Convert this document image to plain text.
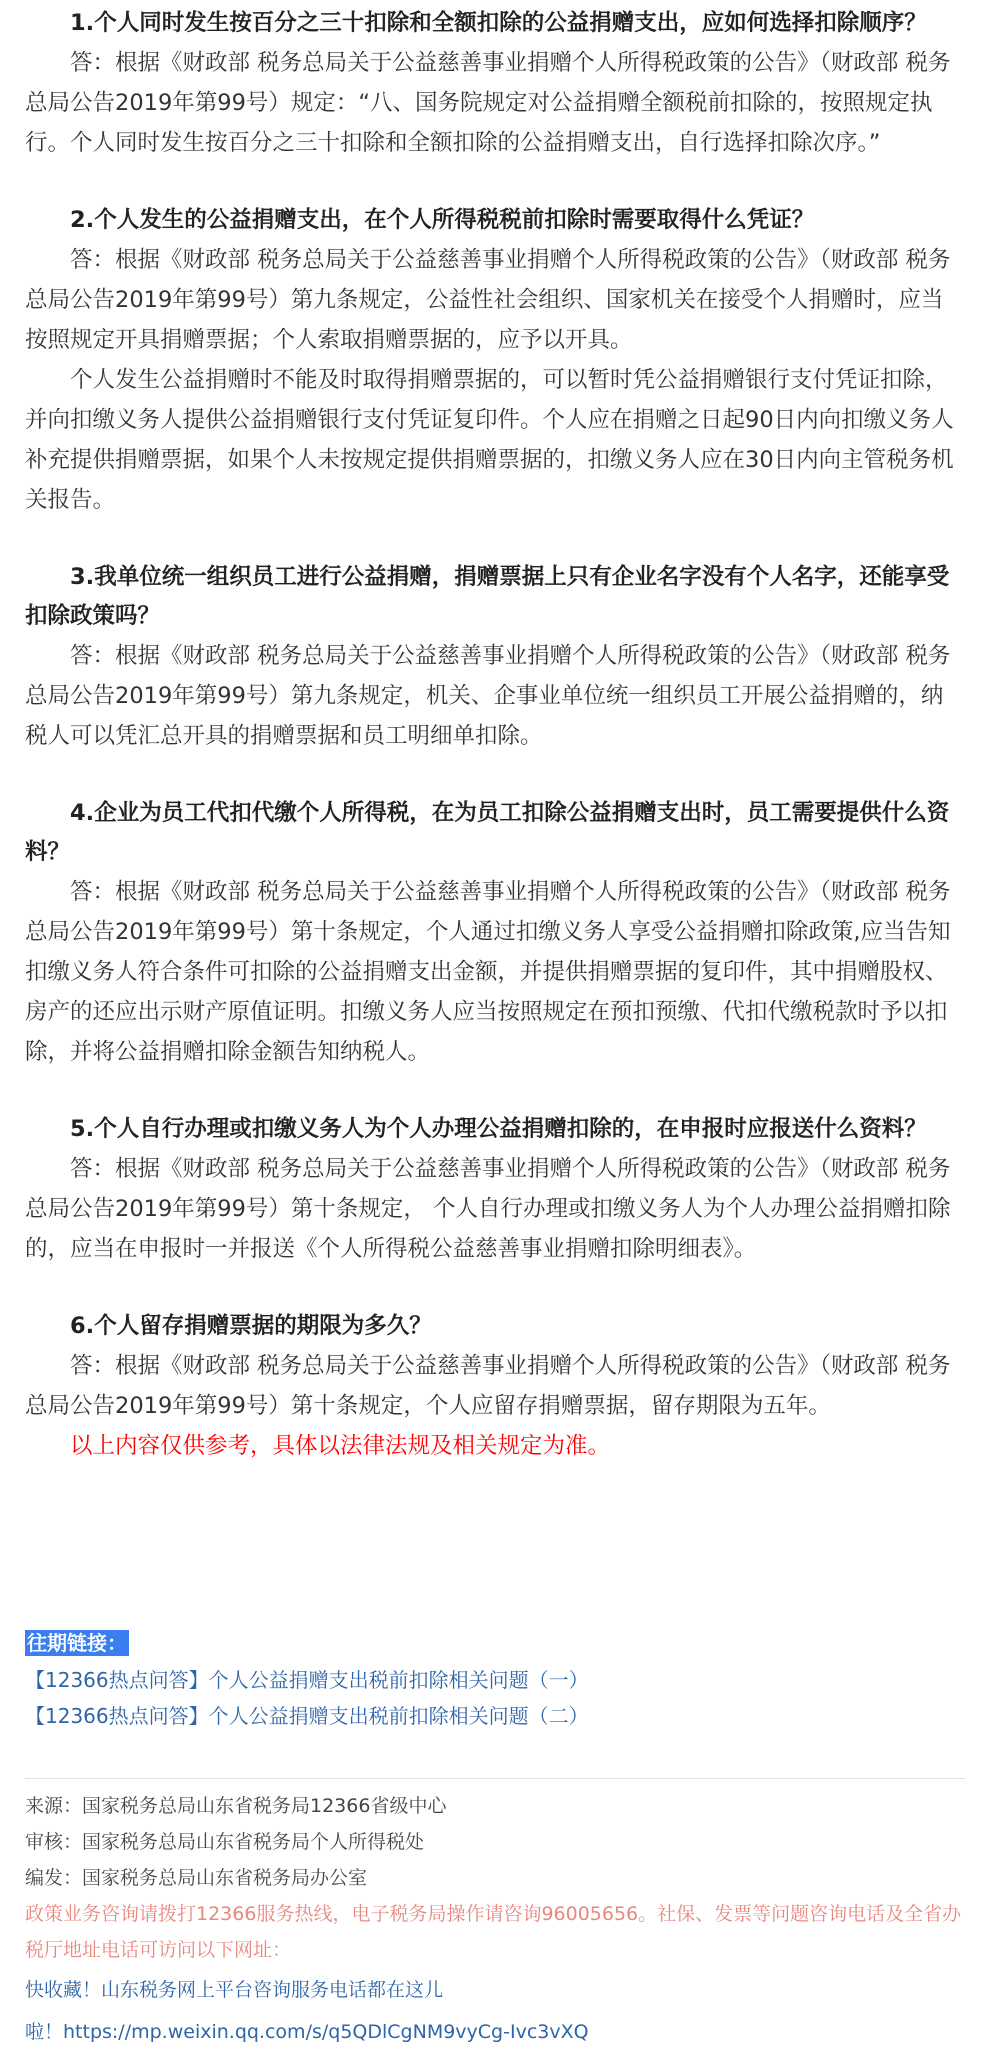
1.个人同时发生按百分之三十扣除和全额扣除的公益捐赠支出，应如何选择扣除顺序？

答：根据《财政部 税务总局关于公益慈善事业捐赠个人所得税政策的公告》（财政部 税务总局公告2019年第99号）规定：“八、国务院规定对公益捐赠全额税前扣除的，按照规定执行。个人同时发生按百分之三十扣除和全额扣除的公益捐赠支出，自行选择扣除次序。”

2.个人发生的公益捐赠支出，在个人所得税税前扣除时需要取得什么凭证？

答：根据《财政部 税务总局关于公益慈善事业捐赠个人所得税政策的公告》（财政部 税务总局公告2019年第99号）第九条规定，公益性社会组织、国家机关在接受个人捐赠时，应当按照规定开具捐赠票据；个人索取捐赠票据的，应予以开具。

个人发生公益捐赠时不能及时取得捐赠票据的，可以暂时凭公益捐赠银行支付凭证扣除，并向扣缴义务人提供公益捐赠银行支付凭证复印件。个人应在捐赠之日起90日内向扣缴义务人补充提供捐赠票据，如果个人未按规定提供捐赠票据的，扣缴义务人应在30日内向主管税务机关报告。

3.我单位统一组织员工进行公益捐赠，捐赠票据上只有企业名字没有个人名字，还能享受扣除政策吗？

答：根据《财政部 税务总局关于公益慈善事业捐赠个人所得税政策的公告》（财政部 税务总局公告2019年第99号）第九条规定，机关、企事业单位统一组织员工开展公益捐赠的，纳税人可以凭汇总开具的捐赠票据和员工明细单扣除。

4.企业为员工代扣代缴个人所得税，在为员工扣除公益捐赠支出时，员工需要提供什么资料？

答：根据《财政部 税务总局关于公益慈善事业捐赠个人所得税政策的公告》（财政部 税务总局公告2019年第99号）第十条规定，个人通过扣缴义务人享受公益捐赠扣除政策,应当告知扣缴义务人符合条件可扣除的公益捐赠支出金额，并提供捐赠票据的复印件，其中捐赠股权、房产的还应出示财产原值证明。扣缴义务人应当按照规定在预扣预缴、代扣代缴税款时予以扣除，并将公益捐赠扣除金额告知纳税人。

5.个人自行办理或扣缴义务人为个人办理公益捐赠扣除的，在申报时应报送什么资料？

答：根据《财政部 税务总局关于公益慈善事业捐赠个人所得税政策的公告》（财政部 税务总局公告2019年第99号）第十条规定， 个人自行办理或扣缴义务人为个人办理公益捐赠扣除的，应当在申报时一并报送《个人所得税公益慈善事业捐赠扣除明细表》。

6.个人留存捐赠票据的期限为多久？

答：根据《财政部 税务总局关于公益慈善事业捐赠个人所得税政策的公告》（财政部 税务总局公告2019年第99号）第十条规定，个人应留存捐赠票据，留存期限为五年。

以上内容仅供参考，具体以法律法规及相关规定为准。

往期链接：
【12366热点问答】个人公益捐赠支出税前扣除相关问题（一）
【12366热点问答】个人公益捐赠支出税前扣除相关问题（二）

来源：国家税务总局山东省税务局12366省级中心

审核：国家税务总局山东省税务局个人所得税处

编发：国家税务总局山东省税务局办公室

政策业务咨询请拨打12366服务热线，电子税务局操作请咨询96005656。社保、发票等问题咨询电话及全省办税厅地址电话可访问以下网址：

快收藏！山东税务网上平台咨询服务电话都在这儿
啦！https://mp.weixin.qq.com/s/q5QDlCgNM9vyCg-Ivc3vXQ
